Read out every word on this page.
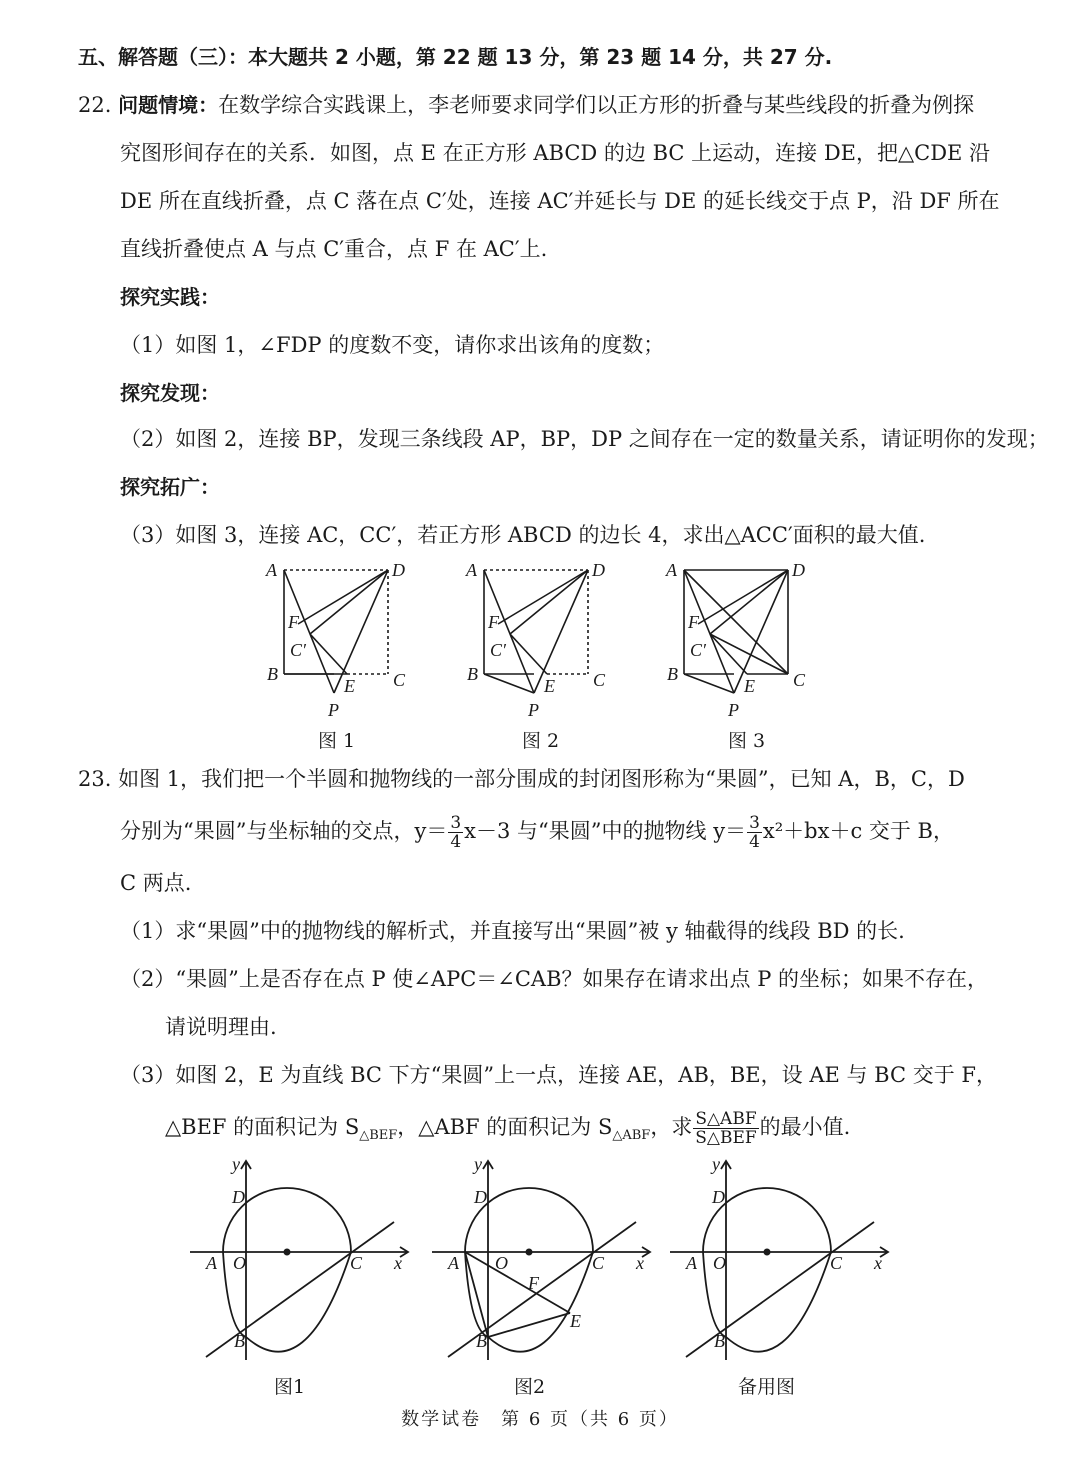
五、解答题（三）：本大题共 2 小题，第 22 题 13 分，第 23 题 14 分，共 27 分.
22. 问题情境：在数学综合实践课上，李老师要求同学们以正方形的折叠与某些线段的折叠为例探
究图形间存在的关系．如图，点 E 在正方形 ABCD 的边 BC 上运动，连接 DE，把△CDE 沿
DE 所在直线折叠，点 C 落在点 C′处，连接 AC′并延长与 DE 的延长线交于点 P，沿 DF 所在
直线折叠使点 A 与点 C′重合，点 F 在 AC′上.
探究实践：
（1）如图 1，∠FDP 的度数不变，请你求出该角的度数；
探究发现：
（2）如图 2，连接 BP，发现三条线段 AP，BP，DP 之间存在一定的数量关系，请证明你的发现；
探究拓广：
（3）如图 3，连接 AC，CC′，若正方形 ABCD 的边长 4，求出△ACC′面积的最大值.
A	D
F
C′
B
E C
P
图 1
A	D
F
C′
B
E C
P
图 2
A	D
F
C′
B
E C
P
图 3
23. 如图 1，我们把一个半圆和抛物线的一部分围成的封闭图形称为“果圆”，已知 A，B，C，D
分别为“果圆”与坐标轴的交点，$y= \frac{3}{4} x-3$ 与“果圆”中的抛物线 $y= \frac{3}{4} x^2+bx+c$ 交于 B，
C 两点.
（1）求“果圆”中的抛物线的解析式，并直接写出“果圆”被 y 轴截得的线段 BD 的长.
（2）“果圆”上是否存在点 P 使∠APC＝∠CAB？如果存在请求出点 P 的坐标；如果不存在，
请说明理由.
（3）如图 2，E 为直线 BC 下方“果圆”上一点，连接 AE，AB，BE，设 AE 与 BC 交于 F，
△BEF 的面积记为 $S_{\triangle BEF}$，△ABF 的面积记为 $S_{\triangle ABF}$，求 $\frac{\text{S△ABF}}{\text{S△BEF}}$ 的最小值.
y
D
A O	C x
B
图1
y
D
A O	C x
F
E
B
图2
y
D
A O	C x
B
备用图
数学试卷　第 6 页（共 6 页）
